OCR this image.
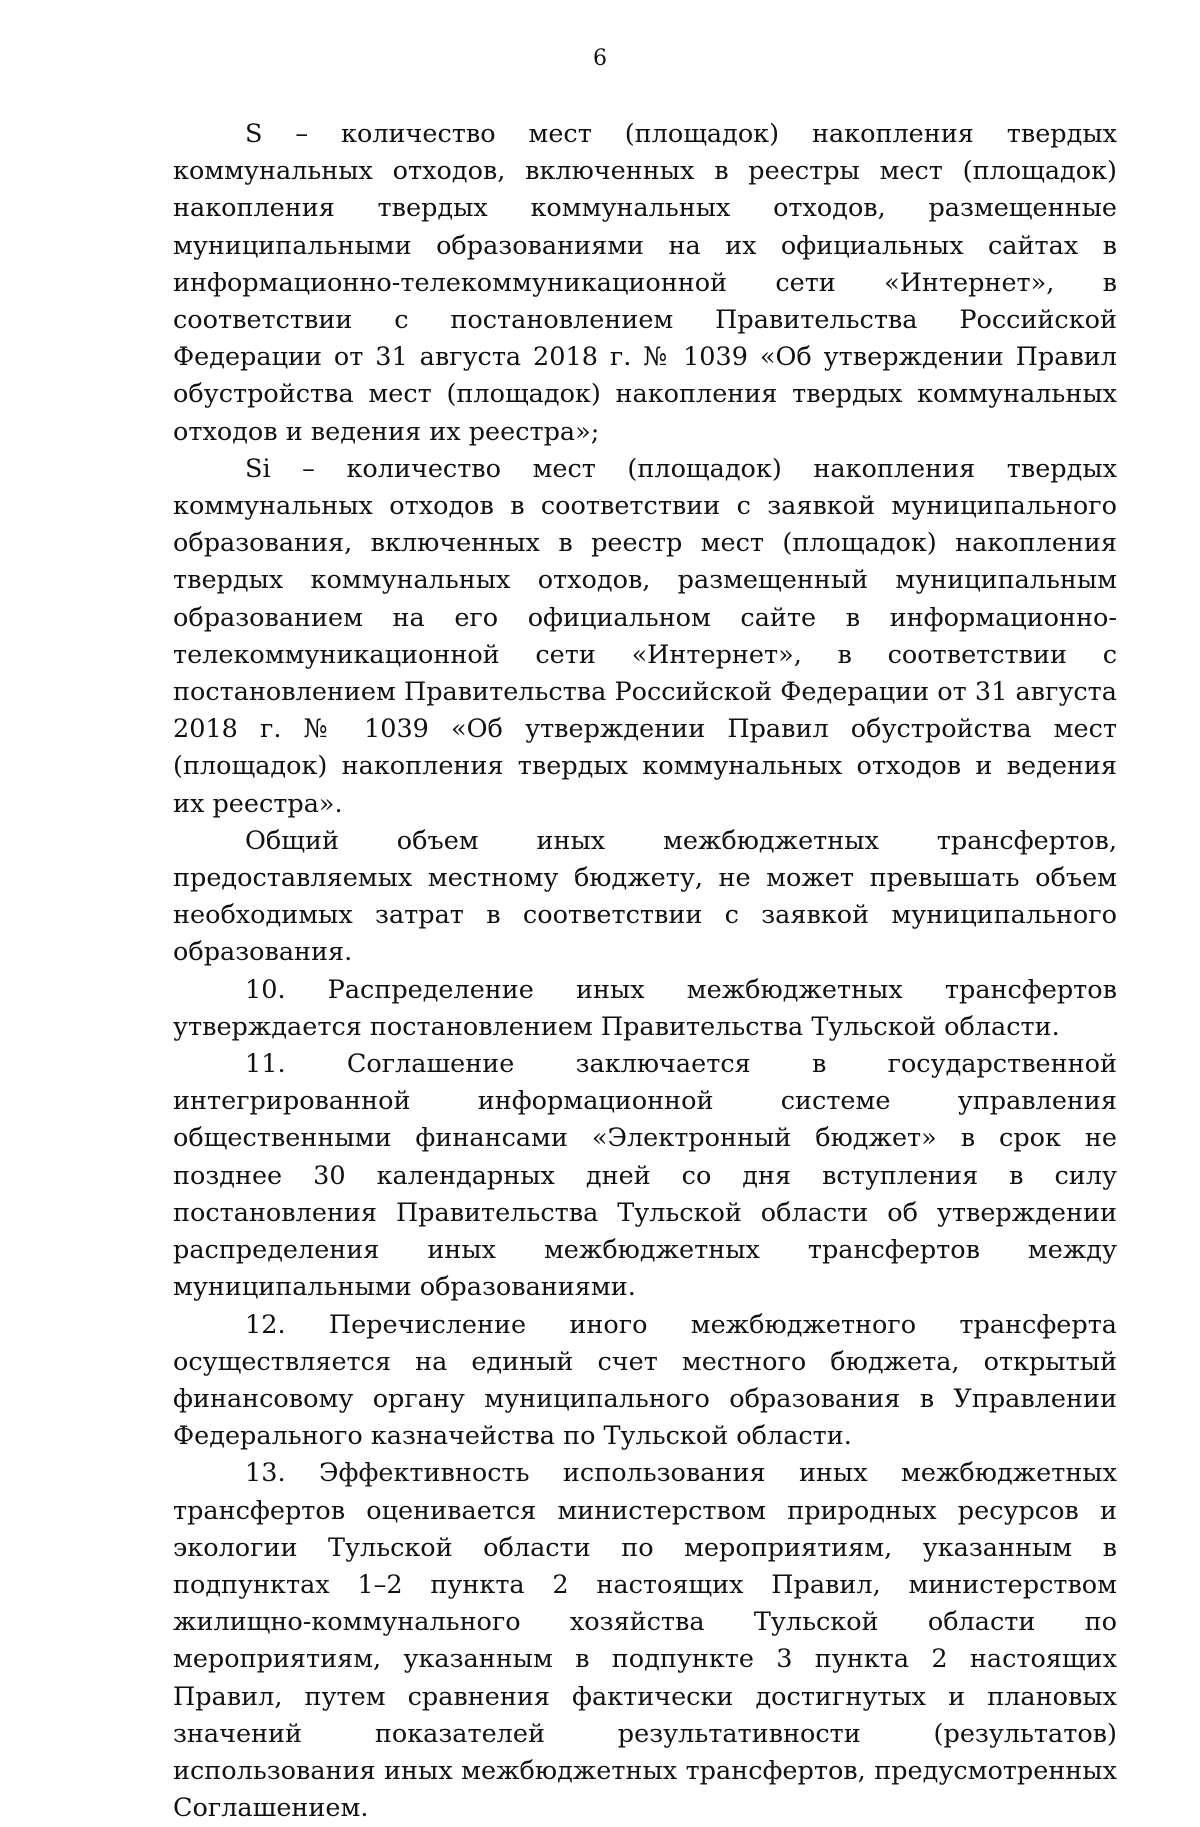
6

S – количество мест (площадок) накопления твердых коммунальных отходов, включенных в реестры мест (площадок) накопления твердых коммунальных отходов, размещенные муниципальными образованиями на их официальных сайтах в информационно-телекоммуникационной сети «Интернет», в соответствии с постановлением Правительства Российской Федерации от 31 августа 2018 г. № 1039 «Об утверждении Правил обустройства мест (площадок) накопления твердых коммунальных отходов и ведения их реестра»;

Si – количество мест (площадок) накопления твердых коммунальных отходов в соответствии с заявкой муниципального образования, включенных в реестр мест (площадок) накопления твердых коммунальных отходов, размещенный муниципальным образованием на его официальном сайте в информационно-телекоммуникационной сети «Интернет», в соответствии с постановлением Правительства Российской Федерации от 31 августа 2018 г. № 1039 «Об утверждении Правил обустройства мест (площадок) накопления твердых коммунальных отходов и ведения их реестра».

Общий объем иных межбюджетных трансфертов, предоставляемых местному бюджету, не может превышать объем необходимых затрат в соответствии с заявкой муниципального образования.

10. Распределение иных межбюджетных трансфертов утверждается постановлением Правительства Тульской области.

11. Соглашение заключается в государственной интегрированной информационной системе управления общественными финансами «Электронный бюджет» в срок не позднее 30 календарных дней со дня вступления в силу постановления Правительства Тульской области об утверждении распределения иных межбюджетных трансфертов между муниципальными образованиями.

12. Перечисление иного межбюджетного трансферта осуществляется на единый счет местного бюджета, открытый финансовому органу муниципального образования в Управлении Федерального казначейства по Тульской области.

13. Эффективность использования иных межбюджетных трансфертов оценивается министерством природных ресурсов и экологии Тульской области по мероприятиям, указанным в подпунктах 1–2 пункта 2 настоящих Правил, министерством жилищно-коммунального хозяйства Тульской области по мероприятиям, указанным в подпункте 3 пункта 2 настоящих Правил, путем сравнения фактически достигнутых и плановых значений показателей результативности (результатов) использования иных межбюджетных трансфертов, предусмотренных Соглашением.
